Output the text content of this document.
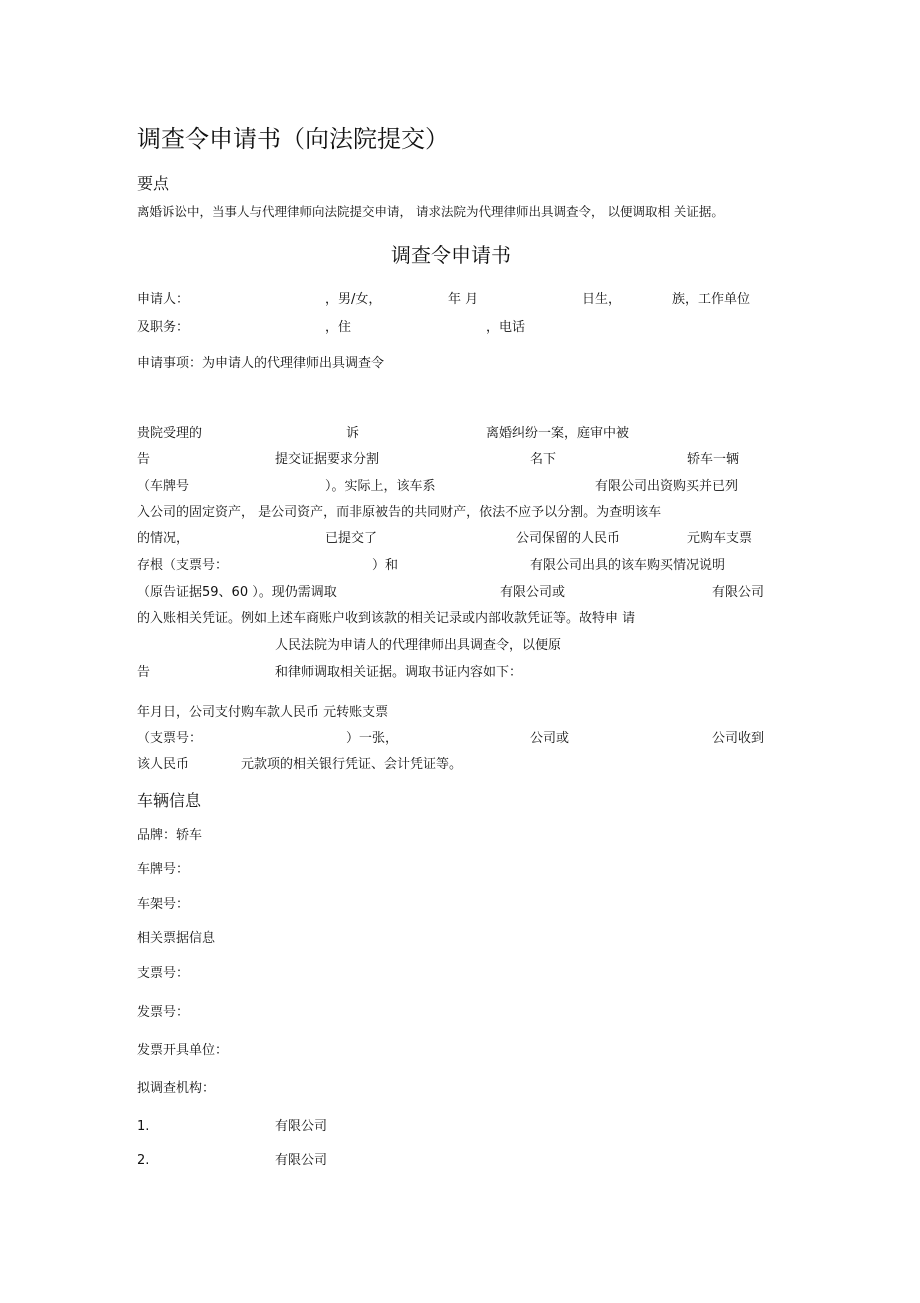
调查令申请书（向法院提交）
要点
离婚诉讼中，当事人与代理律师向法院提交申请， 请求法院为代理律师出具调查令， 以便调取相 关证据。
调查令申请书
申请人：	，男/女，	年 月	日生，	族，工作单位
及职务：	，住	，电话
申请事项：为申请人的代理律师出具调查令
贵院受理的	诉	离婚纠纷一案，庭审中被
告	提交证据要求分割	名下	轿车一辆
（车牌号	）。实际上，该车系	有限公司出资购买并已列
入公司的固定资产， 是公司资产，而非原被告的共同财产，依法不应予以分割。为查明该车
的情况，	已提交了	公司保留的人民币	元购车支票
存根（支票号：	）和	有限公司出具的该车购买情况说明
（原告证据59、60 ）。现仍需调取	有限公司或	有限公司
的入账相关凭证。例如上述车商账户收到该款的相关记录或内部收款凭证等。故特申 请
人民法院为申请人的代理律师出具调查令，以便原
告	和律师调取相关证据。调取书证内容如下：
年月日，公司支付购车款人民币 元转账支票
（支票号：	）一张，	公司或	公司收到
该人民币	元款项的相关银行凭证、会计凭证等。
车辆信息
品牌：轿车
车牌号：
车架号：
相关票据信息
支票号：
发票号：
发票开具单位：
拟调查机构：
1.	有限公司
2.	有限公司
